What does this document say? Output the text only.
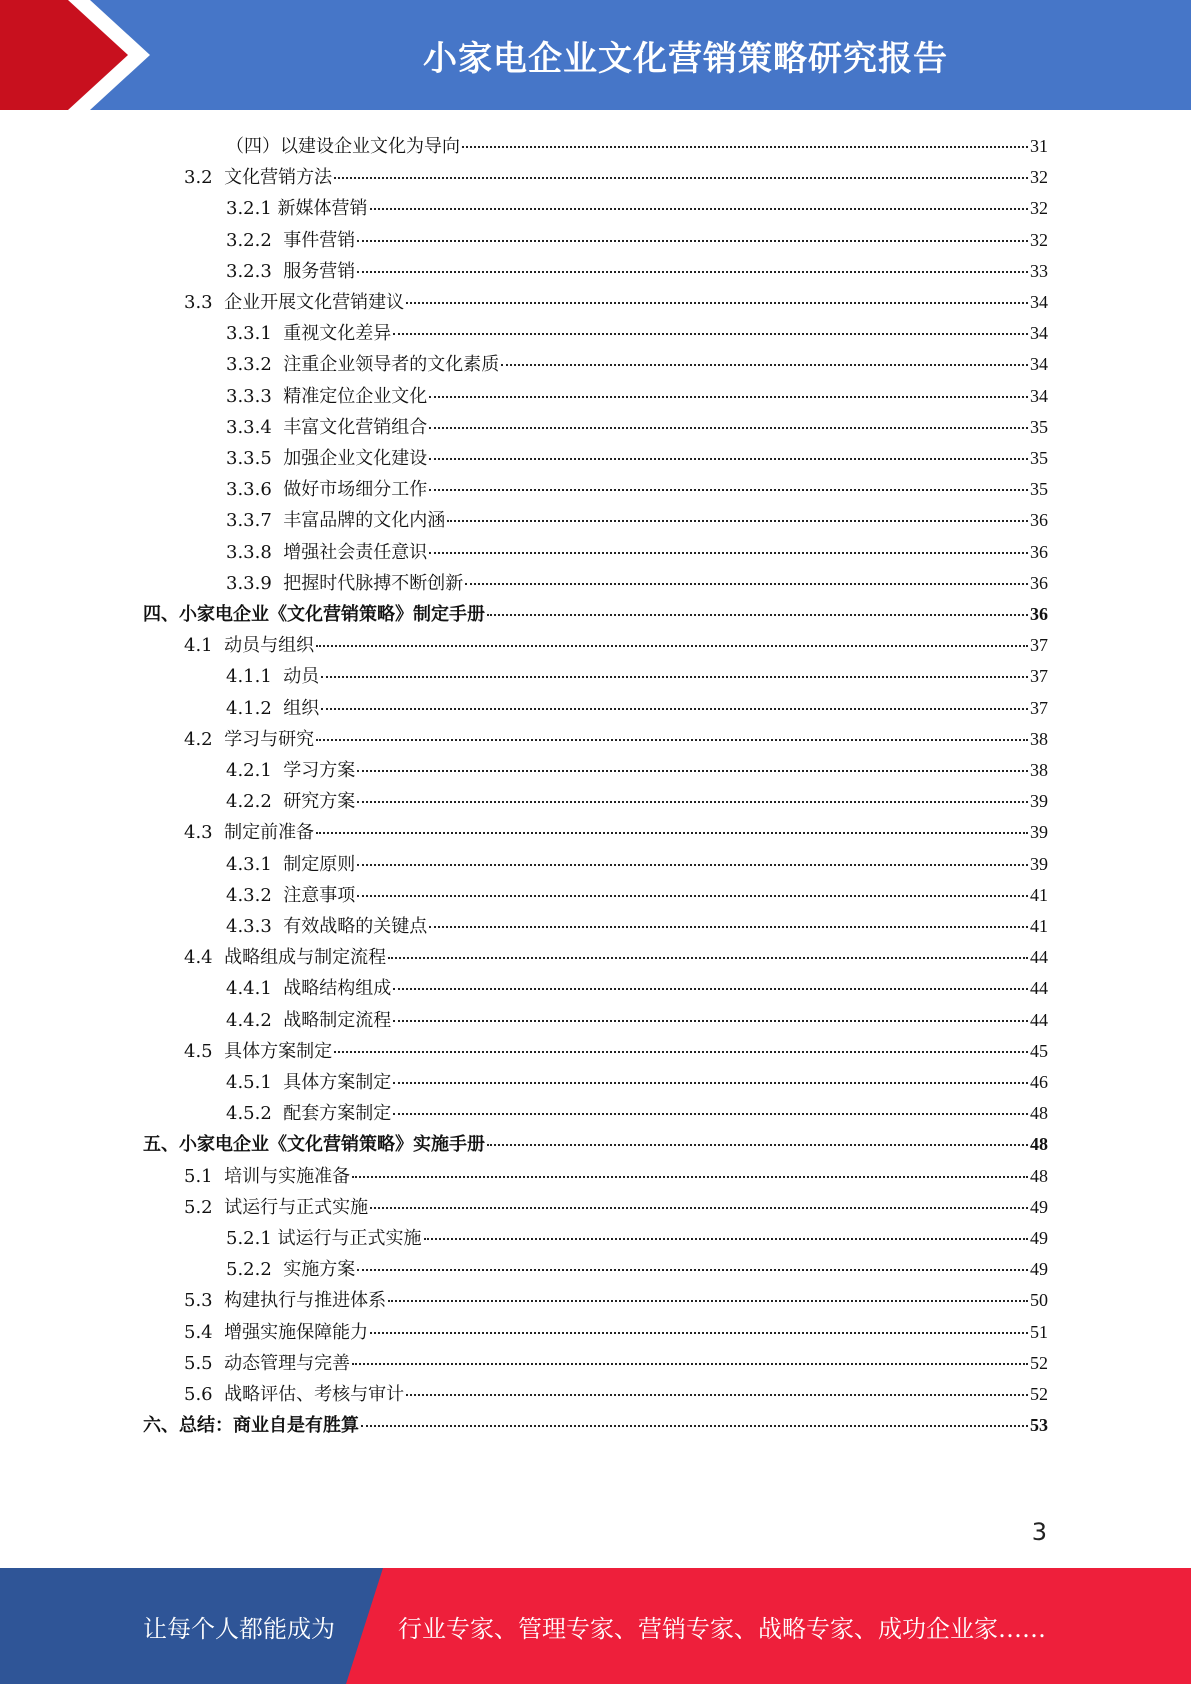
小家电企业文化营销策略研究报告
（四）以建设企业文化为导向	31
3.2  文化营销方法	32
3.2.1 新媒体营销	32
3.2.2  事件营销	32
3.2.3  服务营销	33
3.3  企业开展文化营销建议	34
3.3.1  重视文化差异	34
3.3.2  注重企业领导者的文化素质	34
3.3.3  精准定位企业文化	34
3.3.4  丰富文化营销组合	35
3.3.5  加强企业文化建设	35
3.3.6  做好市场细分工作	35
3.3.7  丰富品牌的文化内涵	36
3.3.8  增强社会责任意识	36
3.3.9  把握时代脉搏不断创新	36
四、小家电企业《文化营销策略》制定手册	36
4.1  动员与组织	37
4.1.1  动员	37
4.1.2  组织	37
4.2  学习与研究	38
4.2.1  学习方案	38
4.2.2  研究方案	39
4.3  制定前准备	39
4.3.1  制定原则	39
4.3.2  注意事项	41
4.3.3  有效战略的关键点	41
4.4  战略组成与制定流程	44
4.4.1  战略结构组成	44
4.4.2  战略制定流程	44
4.5  具体方案制定	45
4.5.1  具体方案制定	46
4.5.2  配套方案制定	48
五、小家电企业《文化营销策略》实施手册	48
5.1  培训与实施准备	48
5.2  试运行与正式实施	49
5.2.1 试运行与正式实施	49
5.2.2  实施方案	49
5.3  构建执行与推进体系	50
5.4  增强实施保障能力	51
5.5  动态管理与完善	52
5.6  战略评估、考核与审计	52
六、总结：商业自是有胜算	53
3
让每个人都能成为	行业专家、管理专家、营销专家、战略专家、成功企业家……
